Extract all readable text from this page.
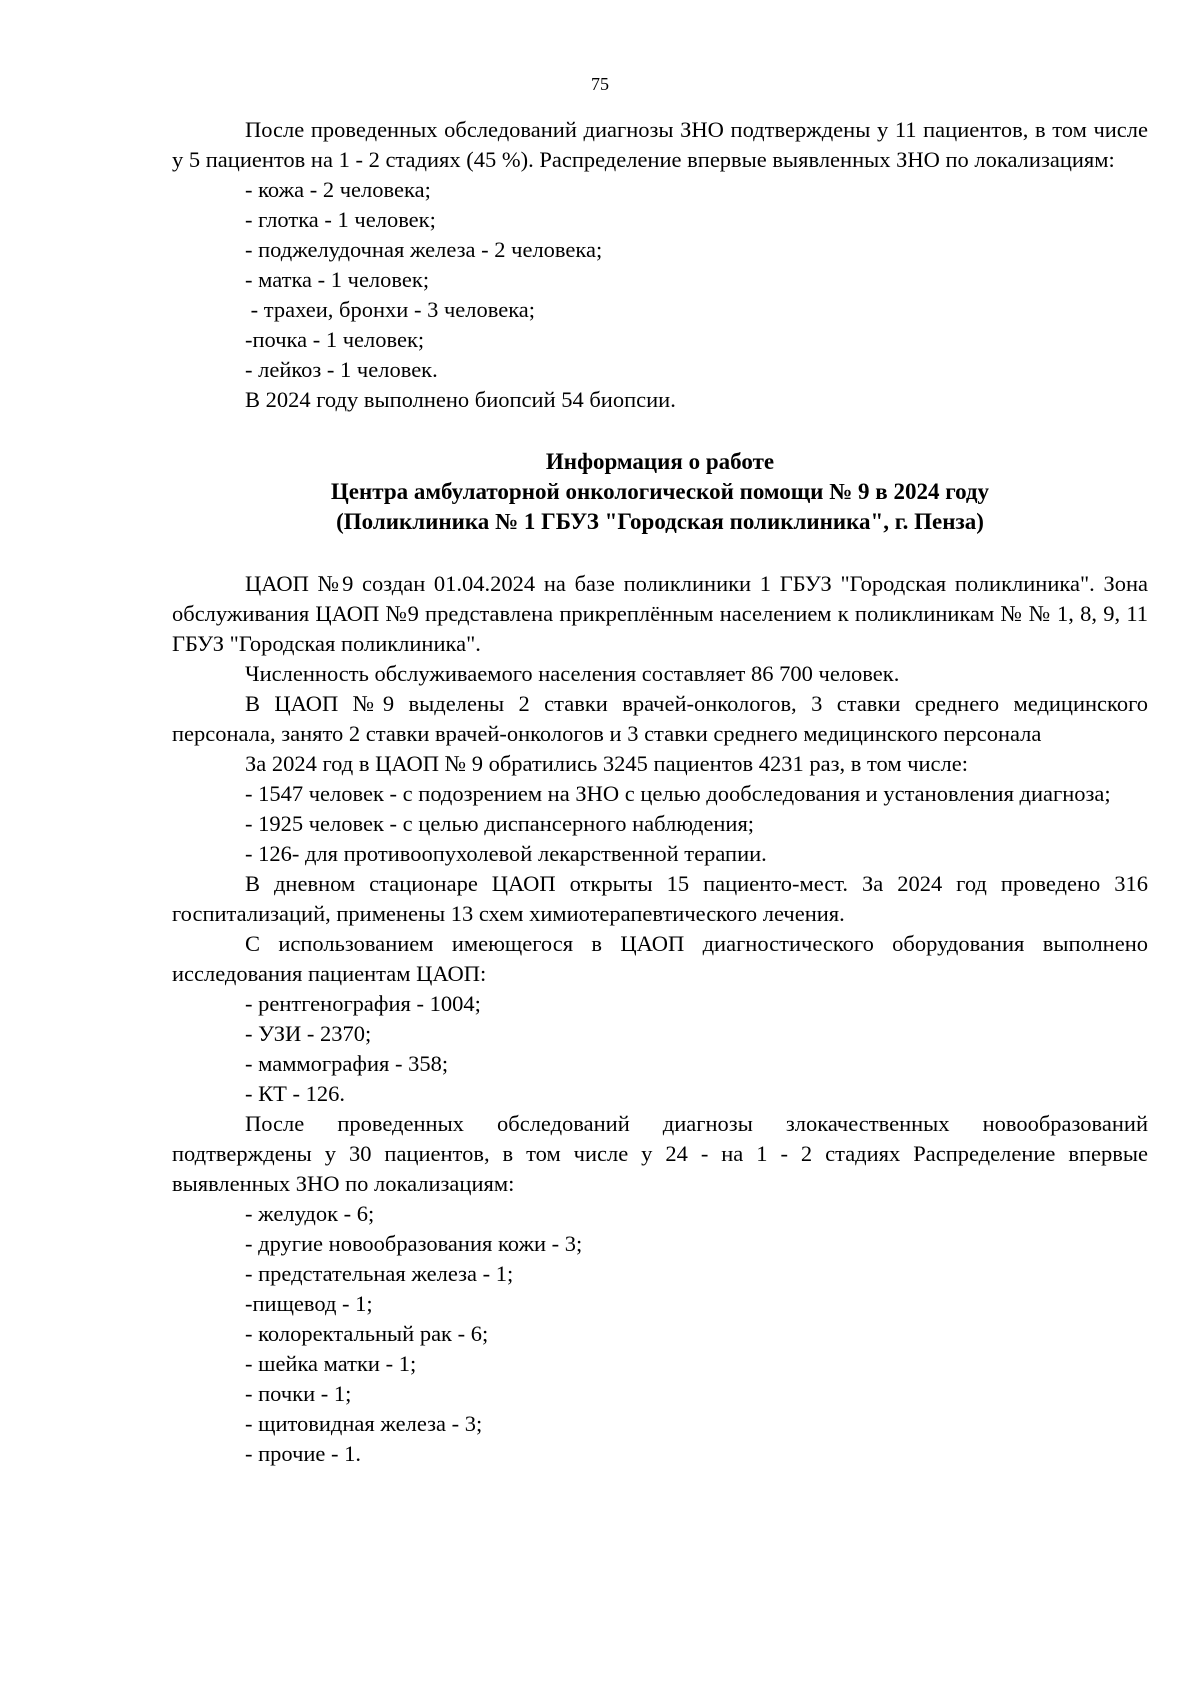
75

После проведенных обследований диагнозы ЗНО подтверждены у 11 пациентов, в том числе у 5 пациентов на 1 - 2 стадиях (45 %). Распределение впервые выявленных ЗНО по локализациям:

- кожа - 2 человека;

- глотка - 1 человек;

- поджелудочная железа - 2 человека;

- матка - 1 человек;

- трахеи, бронхи - 3 человека;

-почка - 1 человек;

- лейкоз - 1 человек.

В 2024 году выполнено биопсий 54 биопсии.

Информация о работе
Центра амбулаторной онкологической помощи № 9 в 2024 году
(Поликлиника № 1 ГБУЗ "Городская поликлиника", г. Пенза)

ЦАОП №9 создан 01.04.2024 на базе поликлиники 1 ГБУЗ "Городская поликлиника". Зона обслуживания ЦАОП №9 представлена прикреплённым населением к поликлиникам № № 1, 8, 9, 11 ГБУЗ "Городская поликлиника".

Численность обслуживаемого населения составляет 86 700 человек.

В ЦАОП №9 выделены 2 ставки врачей-онкологов, 3 ставки среднего медицинского персонала, занято 2 ставки врачей-онкологов и 3 ставки среднего медицинского персонала

За 2024 год в ЦАОП № 9 обратились 3245 пациентов 4231 раз, в том числе:

- 1547 человек - с подозрением на ЗНО с целью дообследования и установления диагноза;

- 1925 человек - с целью диспансерного наблюдения;

- 126- для противоопухолевой лекарственной терапии.

В дневном стационаре ЦАОП открыты 15 пациенто-мест. За 2024 год проведено 316 госпитализаций, применены 13 схем химиотерапевтического лечения.

С использованием имеющегося в ЦАОП диагностического оборудования выполнено исследования пациентам ЦАОП:

- рентгенография - 1004;

- УЗИ - 2370;

- маммография - 358;

- КТ - 126.

После проведенных обследований диагнозы злокачественных новообразований подтверждены у 30 пациентов, в том числе у 24 - на 1 - 2 стадиях Распределение впервые выявленных ЗНО по локализациям:

- желудок - 6;

- другие новообразования кожи - 3;

- предстательная железа - 1;

-пищевод - 1;

- колоректальный рак - 6;

- шейка матки - 1;

- почки - 1;

- щитовидная железа - 3;

- прочие - 1.
